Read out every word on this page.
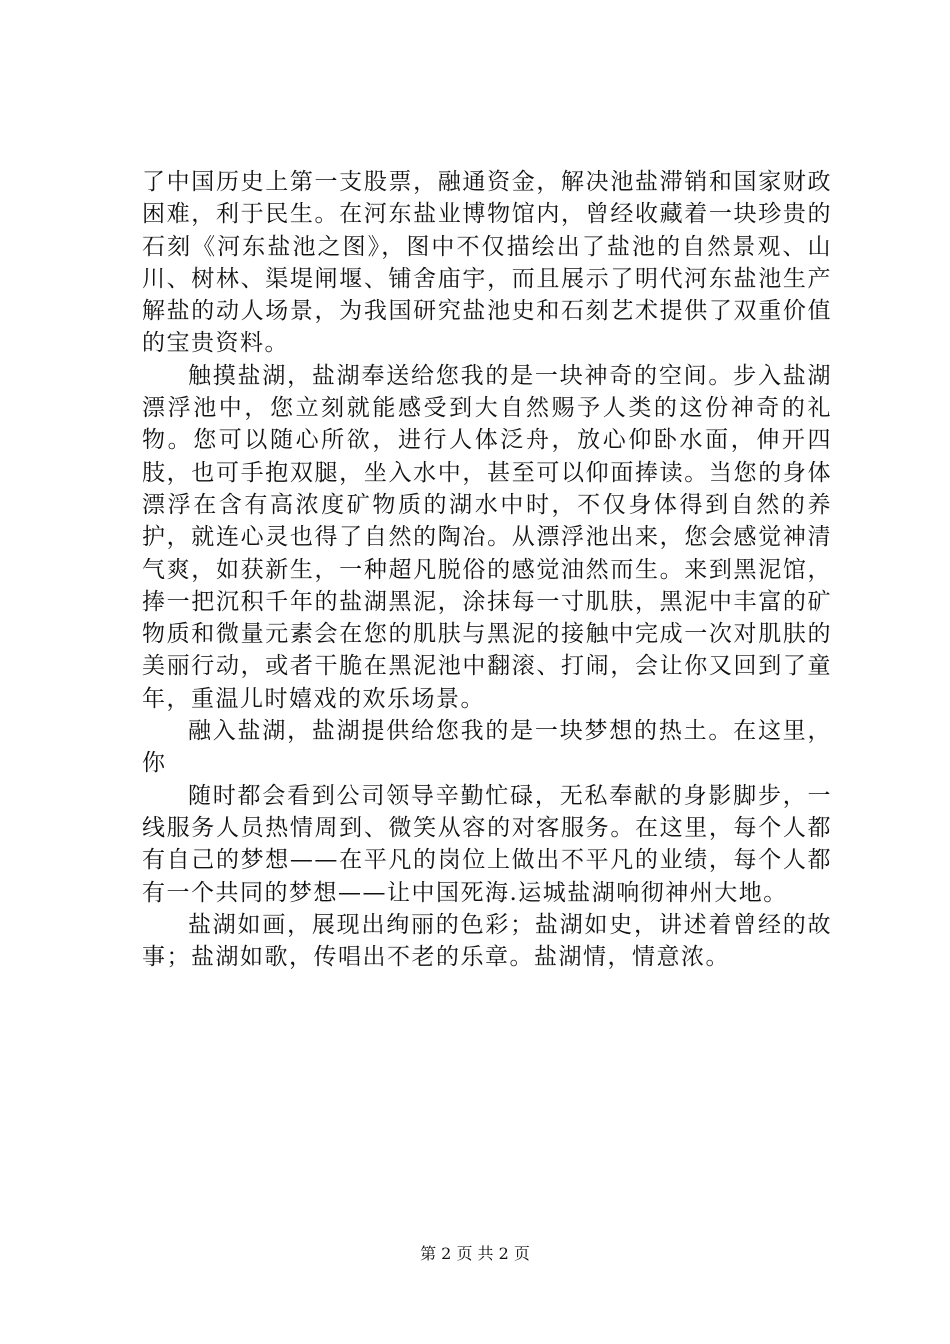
了中国历史上第一支股票，融通资金，解决池盐滞销和国家财政困难，利于民生。在河东盐业博物馆内，曾经收藏着一块珍贵的石刻《河东盐池之图》，图中不仅描绘出了盐池的自然景观、山川、树林、渠堤闸堰、铺舍庙宇，而且展示了明代河东盐池生产解盐的动人场景，为我国研究盐池史和石刻艺术提供了双重价值的宝贵资料。

触摸盐湖，盐湖奉送给您我的是一块神奇的空间。步入盐湖漂浮池中，您立刻就能感受到大自然赐予人类的这份神奇的礼物。您可以随心所欲，进行人体泛舟，放心仰卧水面，伸开四肢，也可手抱双腿，坐入水中，甚至可以仰面捧读。当您的身体漂浮在含有高浓度矿物质的湖水中时，不仅身体得到自然的养护，就连心灵也得了自然的陶冶。从漂浮池出来，您会感觉神清气爽，如获新生，一种超凡脱俗的感觉油然而生。来到黑泥馆，捧一把沉积千年的盐湖黑泥，涂抹每一寸肌肤，黑泥中丰富的矿物质和微量元素会在您的肌肤与黑泥的接触中完成一次对肌肤的美丽行动，或者干脆在黑泥池中翻滚、打闹，会让你又回到了童年，重温儿时嬉戏的欢乐场景。

融入盐湖，盐湖提供给您我的是一块梦想的热土。在这里，你

随时都会看到公司领导辛勤忙碌，无私奉献的身影脚步，一线服务人员热情周到、微笑从容的对客服务。在这里，每个人都有自己的梦想——在平凡的岗位上做出不平凡的业绩，每个人都有一个共同的梦想——让中国死海.运城盐湖响彻神州大地。

盐湖如画，展现出绚丽的色彩；盐湖如史，讲述着曾经的故事；盐湖如歌，传唱出不老的乐章。盐湖情，情意浓。

第 2 页 共 2 页
